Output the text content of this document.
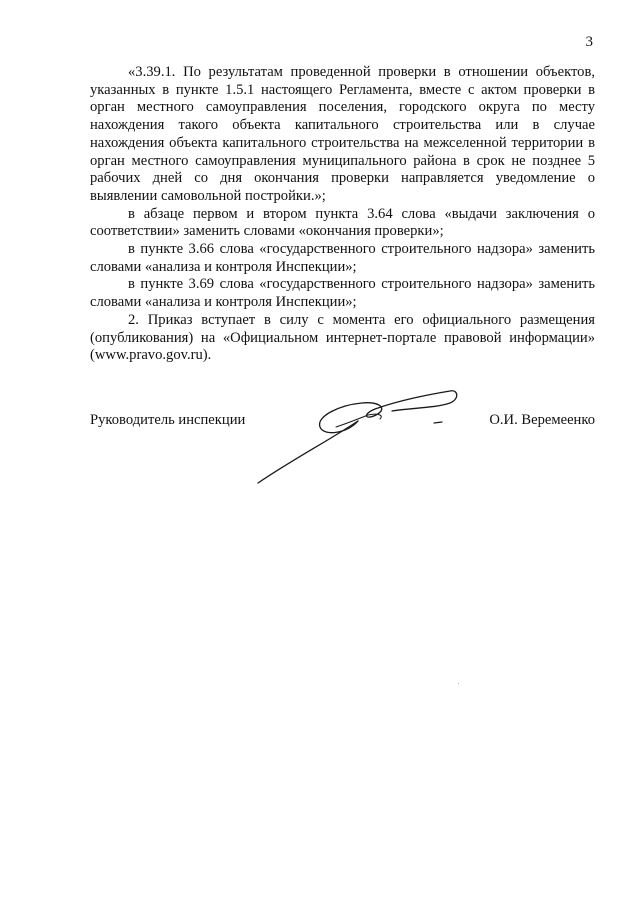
3

«3.39.1. По результатам проведенной проверки в отношении объектов, указанных в пункте 1.5.1 настоящего Регламента, вместе с актом проверки в орган местного самоуправления поселения, городского округа по месту нахождения такого объекта капитального строительства или в случае нахождения объекта капитального строительства на межселенной территории в орган местного самоуправления муниципального района в срок не позднее 5 рабочих дней со дня окончания проверки направляется уведомление о выявлении самовольной постройки.»;

в абзаце первом и втором пункта 3.64 слова «выдачи заключения о соответствии» заменить словами «окончания проверки»;

в пункте 3.66 слова «государственного строительного надзора» заменить словами «анализа и контроля Инспекции»;

в пункте 3.69 слова «государственного строительного надзора» заменить словами «анализа и контроля Инспекции»;

2. Приказ вступает в силу с момента его официального размещения (опубликования) на «Официальном интернет-портале правовой информации» (www.pravo.gov.ru).

Руководитель инспекции	О.И. Веремеенко
